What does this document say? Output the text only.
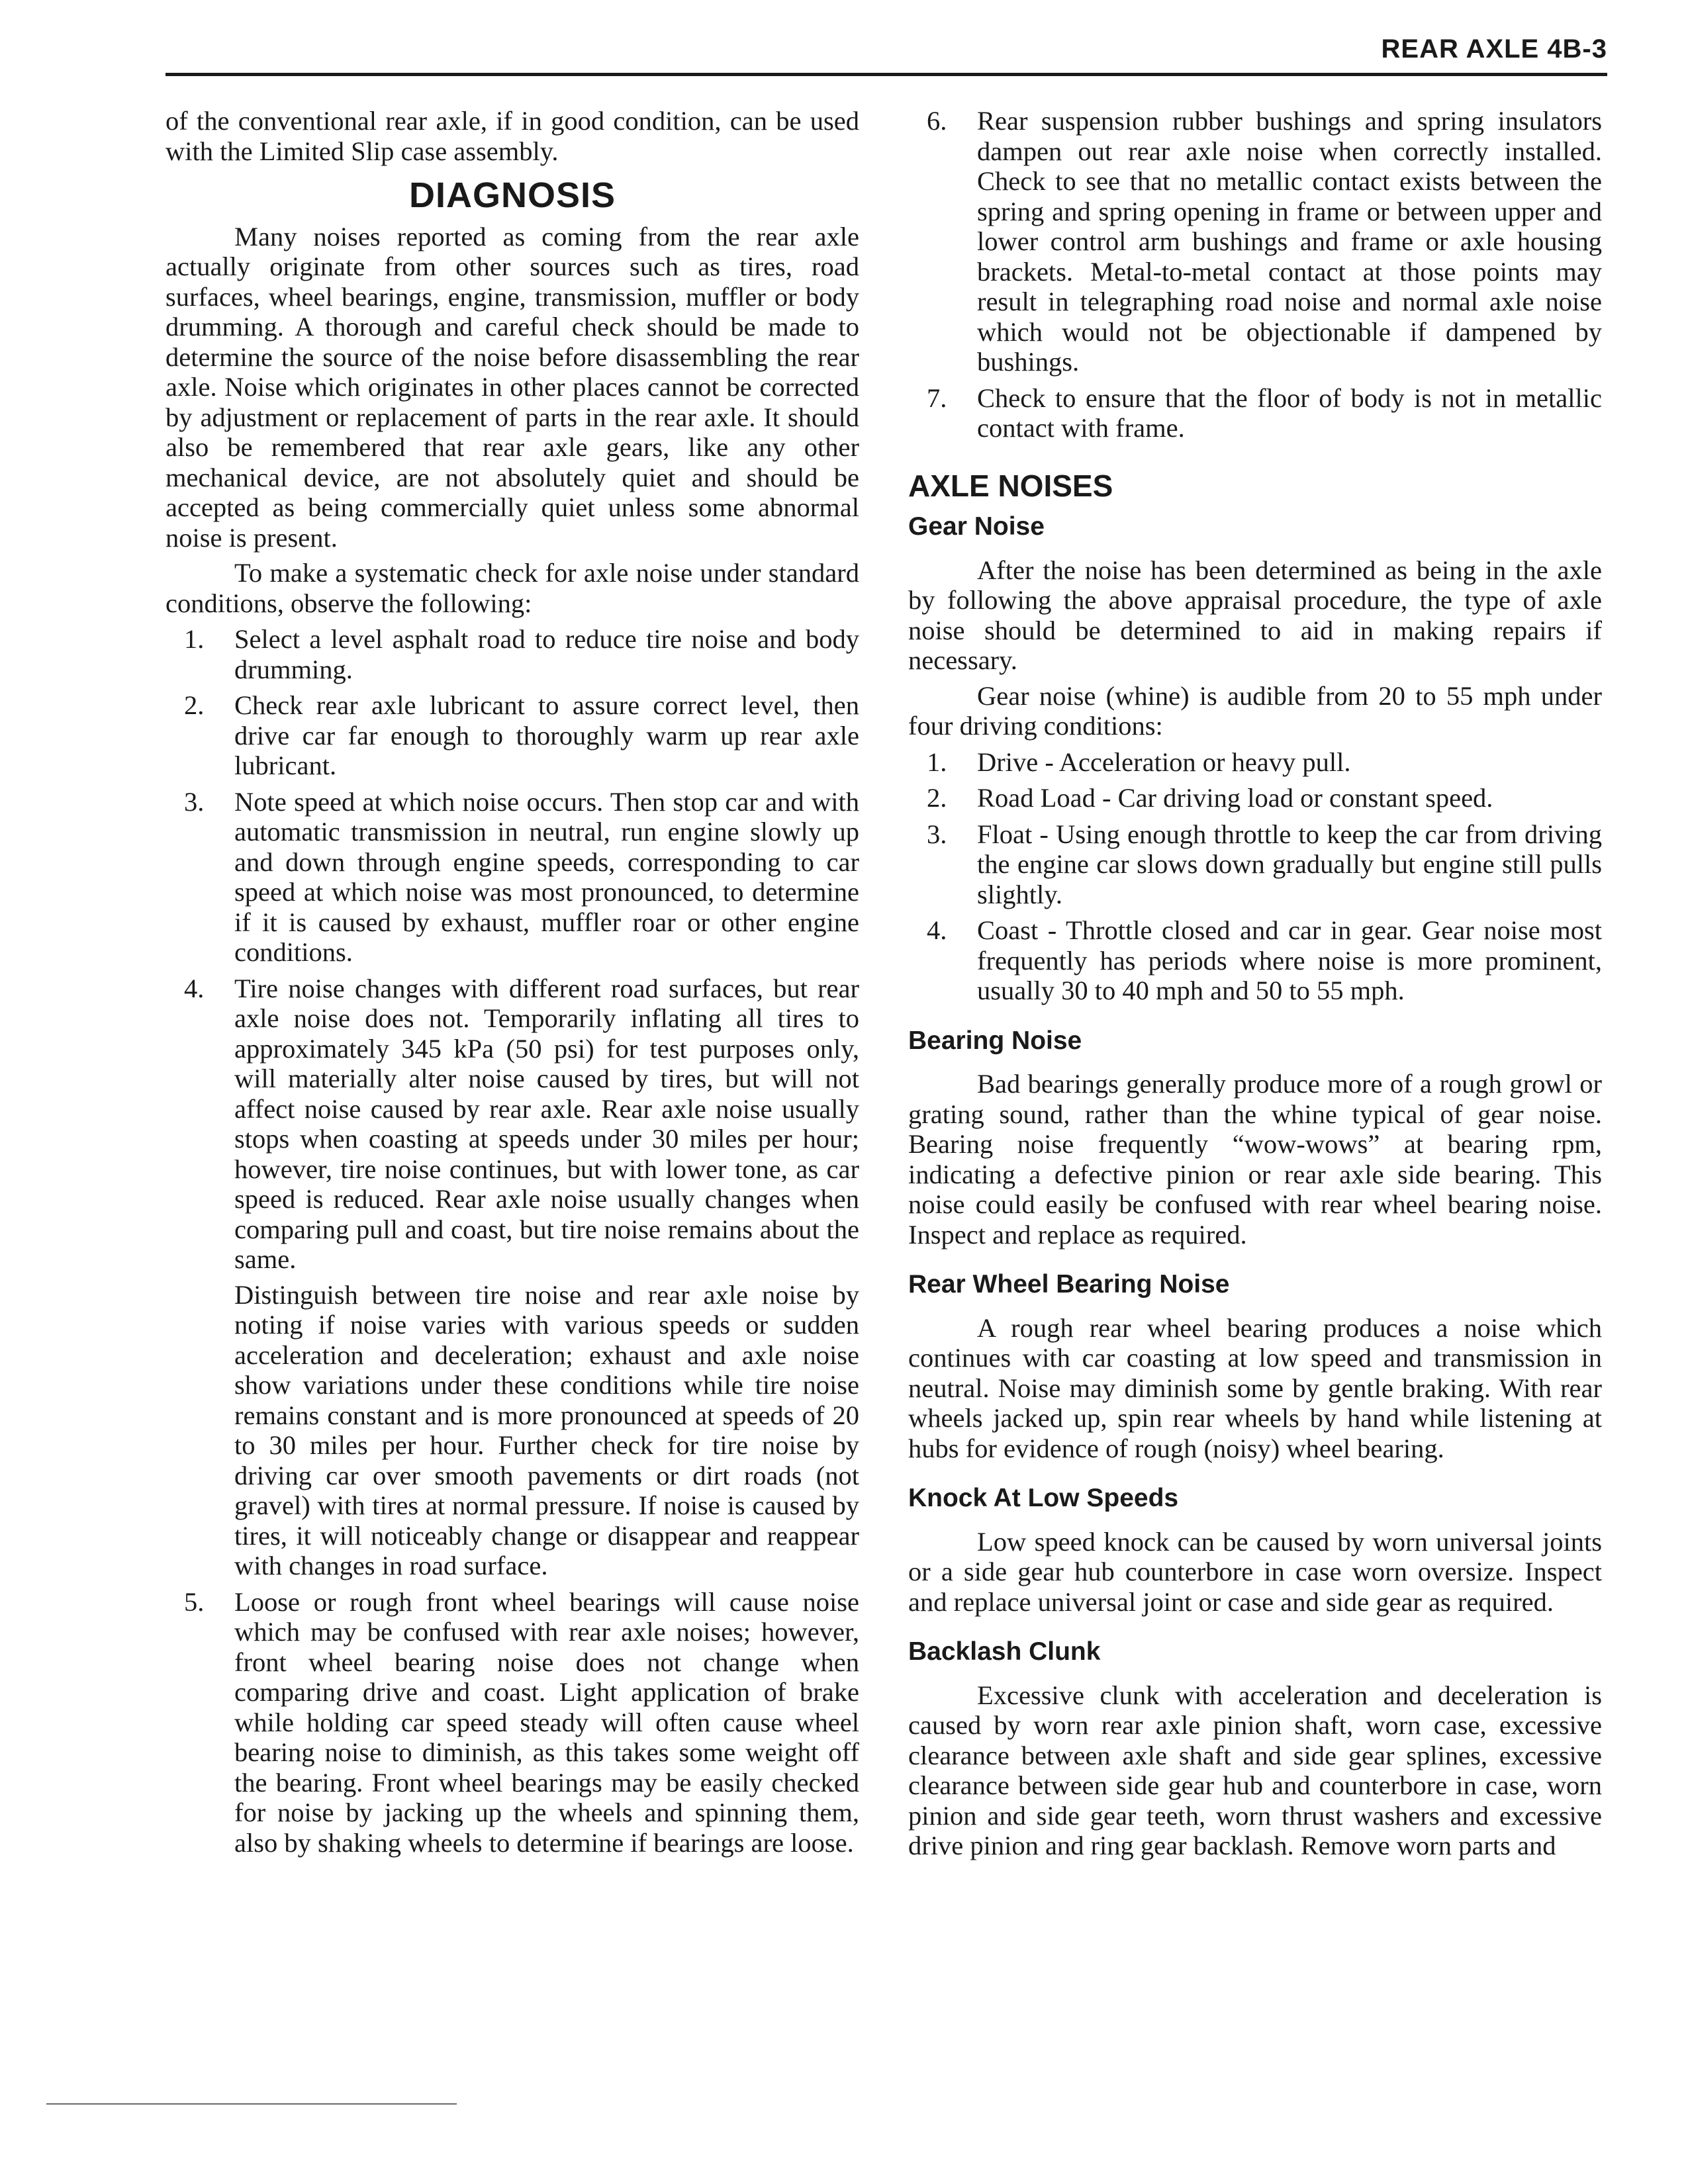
REAR AXLE 4B-3

of the conventional rear axle, if in good condition, can be used with the Limited Slip case assembly.

DIAGNOSIS

Many noises reported as coming from the rear axle actually originate from other sources such as tires, road surfaces, wheel bearings, engine, transmission, muffler or body drumming. A thorough and careful check should be made to determine the source of the noise before disassembling the rear axle. Noise which originates in other places cannot be corrected by adjustment or replacement of parts in the rear axle. It should also be remembered that rear axle gears, like any other mechanical device, are not absolutely quiet and should be accepted as being commercially quiet unless some abnormal noise is present.

To make a systematic check for axle noise under standard conditions, observe the following:

1. Select a level asphalt road to reduce tire noise and body drumming.

2. Check rear axle lubricant to assure correct level, then drive car far enough to thoroughly warm up rear axle lubricant.

3. Note speed at which noise occurs. Then stop car and with automatic transmission in neutral, run engine slowly up and down through engine speeds, corresponding to car speed at which noise was most pronounced, to determine if it is caused by exhaust, muffler roar or other engine conditions.

4. Tire noise changes with different road surfaces, but rear axle noise does not. Temporarily inflating all tires to approximately 345 kPa (50 psi) for test purposes only, will materially alter noise caused by tires, but will not affect noise caused by rear axle. Rear axle noise usually stops when coasting at speeds under 30 miles per hour; however, tire noise continues, but with lower tone, as car speed is reduced. Rear axle noise usually changes when comparing pull and coast, but tire noise remains about the same.

Distinguish between tire noise and rear axle noise by noting if noise varies with various speeds or sudden acceleration and deceleration; exhaust and axle noise show variations under these conditions while tire noise remains constant and is more pronounced at speeds of 20 to 30 miles per hour. Further check for tire noise by driving car over smooth pavements or dirt roads (not gravel) with tires at normal pressure. If noise is caused by tires, it will noticeably change or disappear and reappear with changes in road surface.

5. Loose or rough front wheel bearings will cause noise which may be confused with rear axle noises; however, front wheel bearing noise does not change when comparing drive and coast. Light application of brake while holding car speed steady will often cause wheel bearing noise to diminish, as this takes some weight off the bearing. Front wheel bearings may be easily checked for noise by jacking up the wheels and spinning them, also by shaking wheels to determine if bearings are loose.

6. Rear suspension rubber bushings and spring insulators dampen out rear axle noise when correctly installed. Check to see that no metallic contact exists between the spring and spring opening in frame or between upper and lower control arm bushings and frame or axle housing brackets. Metal-to-metal contact at those points may result in telegraphing road noise and normal axle noise which would not be objectionable if dampened by bushings.

7. Check to ensure that the floor of body is not in metallic contact with frame.

AXLE NOISES
Gear Noise

After the noise has been determined as being in the axle by following the above appraisal procedure, the type of axle noise should be determined to aid in making repairs if necessary.

Gear noise (whine) is audible from 20 to 55 mph under four driving conditions:

1. Drive - Acceleration or heavy pull.

2. Road Load - Car driving load or constant speed.

3. Float - Using enough throttle to keep the car from driving the engine car slows down gradually but engine still pulls slightly.

4. Coast - Throttle closed and car in gear. Gear noise most frequently has periods where noise is more prominent, usually 30 to 40 mph and 50 to 55 mph.

Bearing Noise

Bad bearings generally produce more of a rough growl or grating sound, rather than the whine typical of gear noise. Bearing noise frequently “wow-wows” at bearing rpm, indicating a defective pinion or rear axle side bearing. This noise could easily be confused with rear wheel bearing noise. Inspect and replace as required.

Rear Wheel Bearing Noise

A rough rear wheel bearing produces a noise which continues with car coasting at low speed and transmission in neutral. Noise may diminish some by gentle braking. With rear wheels jacked up, spin rear wheels by hand while listening at hubs for evidence of rough (noisy) wheel bearing.

Knock At Low Speeds

Low speed knock can be caused by worn universal joints or a side gear hub counterbore in case worn oversize. Inspect and replace universal joint or case and side gear as required.

Backlash Clunk

Excessive clunk with acceleration and deceleration is caused by worn rear axle pinion shaft, worn case, excessive clearance between axle shaft and side gear splines, excessive clearance between side gear hub and counterbore in case, worn pinion and side gear teeth, worn thrust washers and excessive drive pinion and ring gear backlash. Remove worn parts and
